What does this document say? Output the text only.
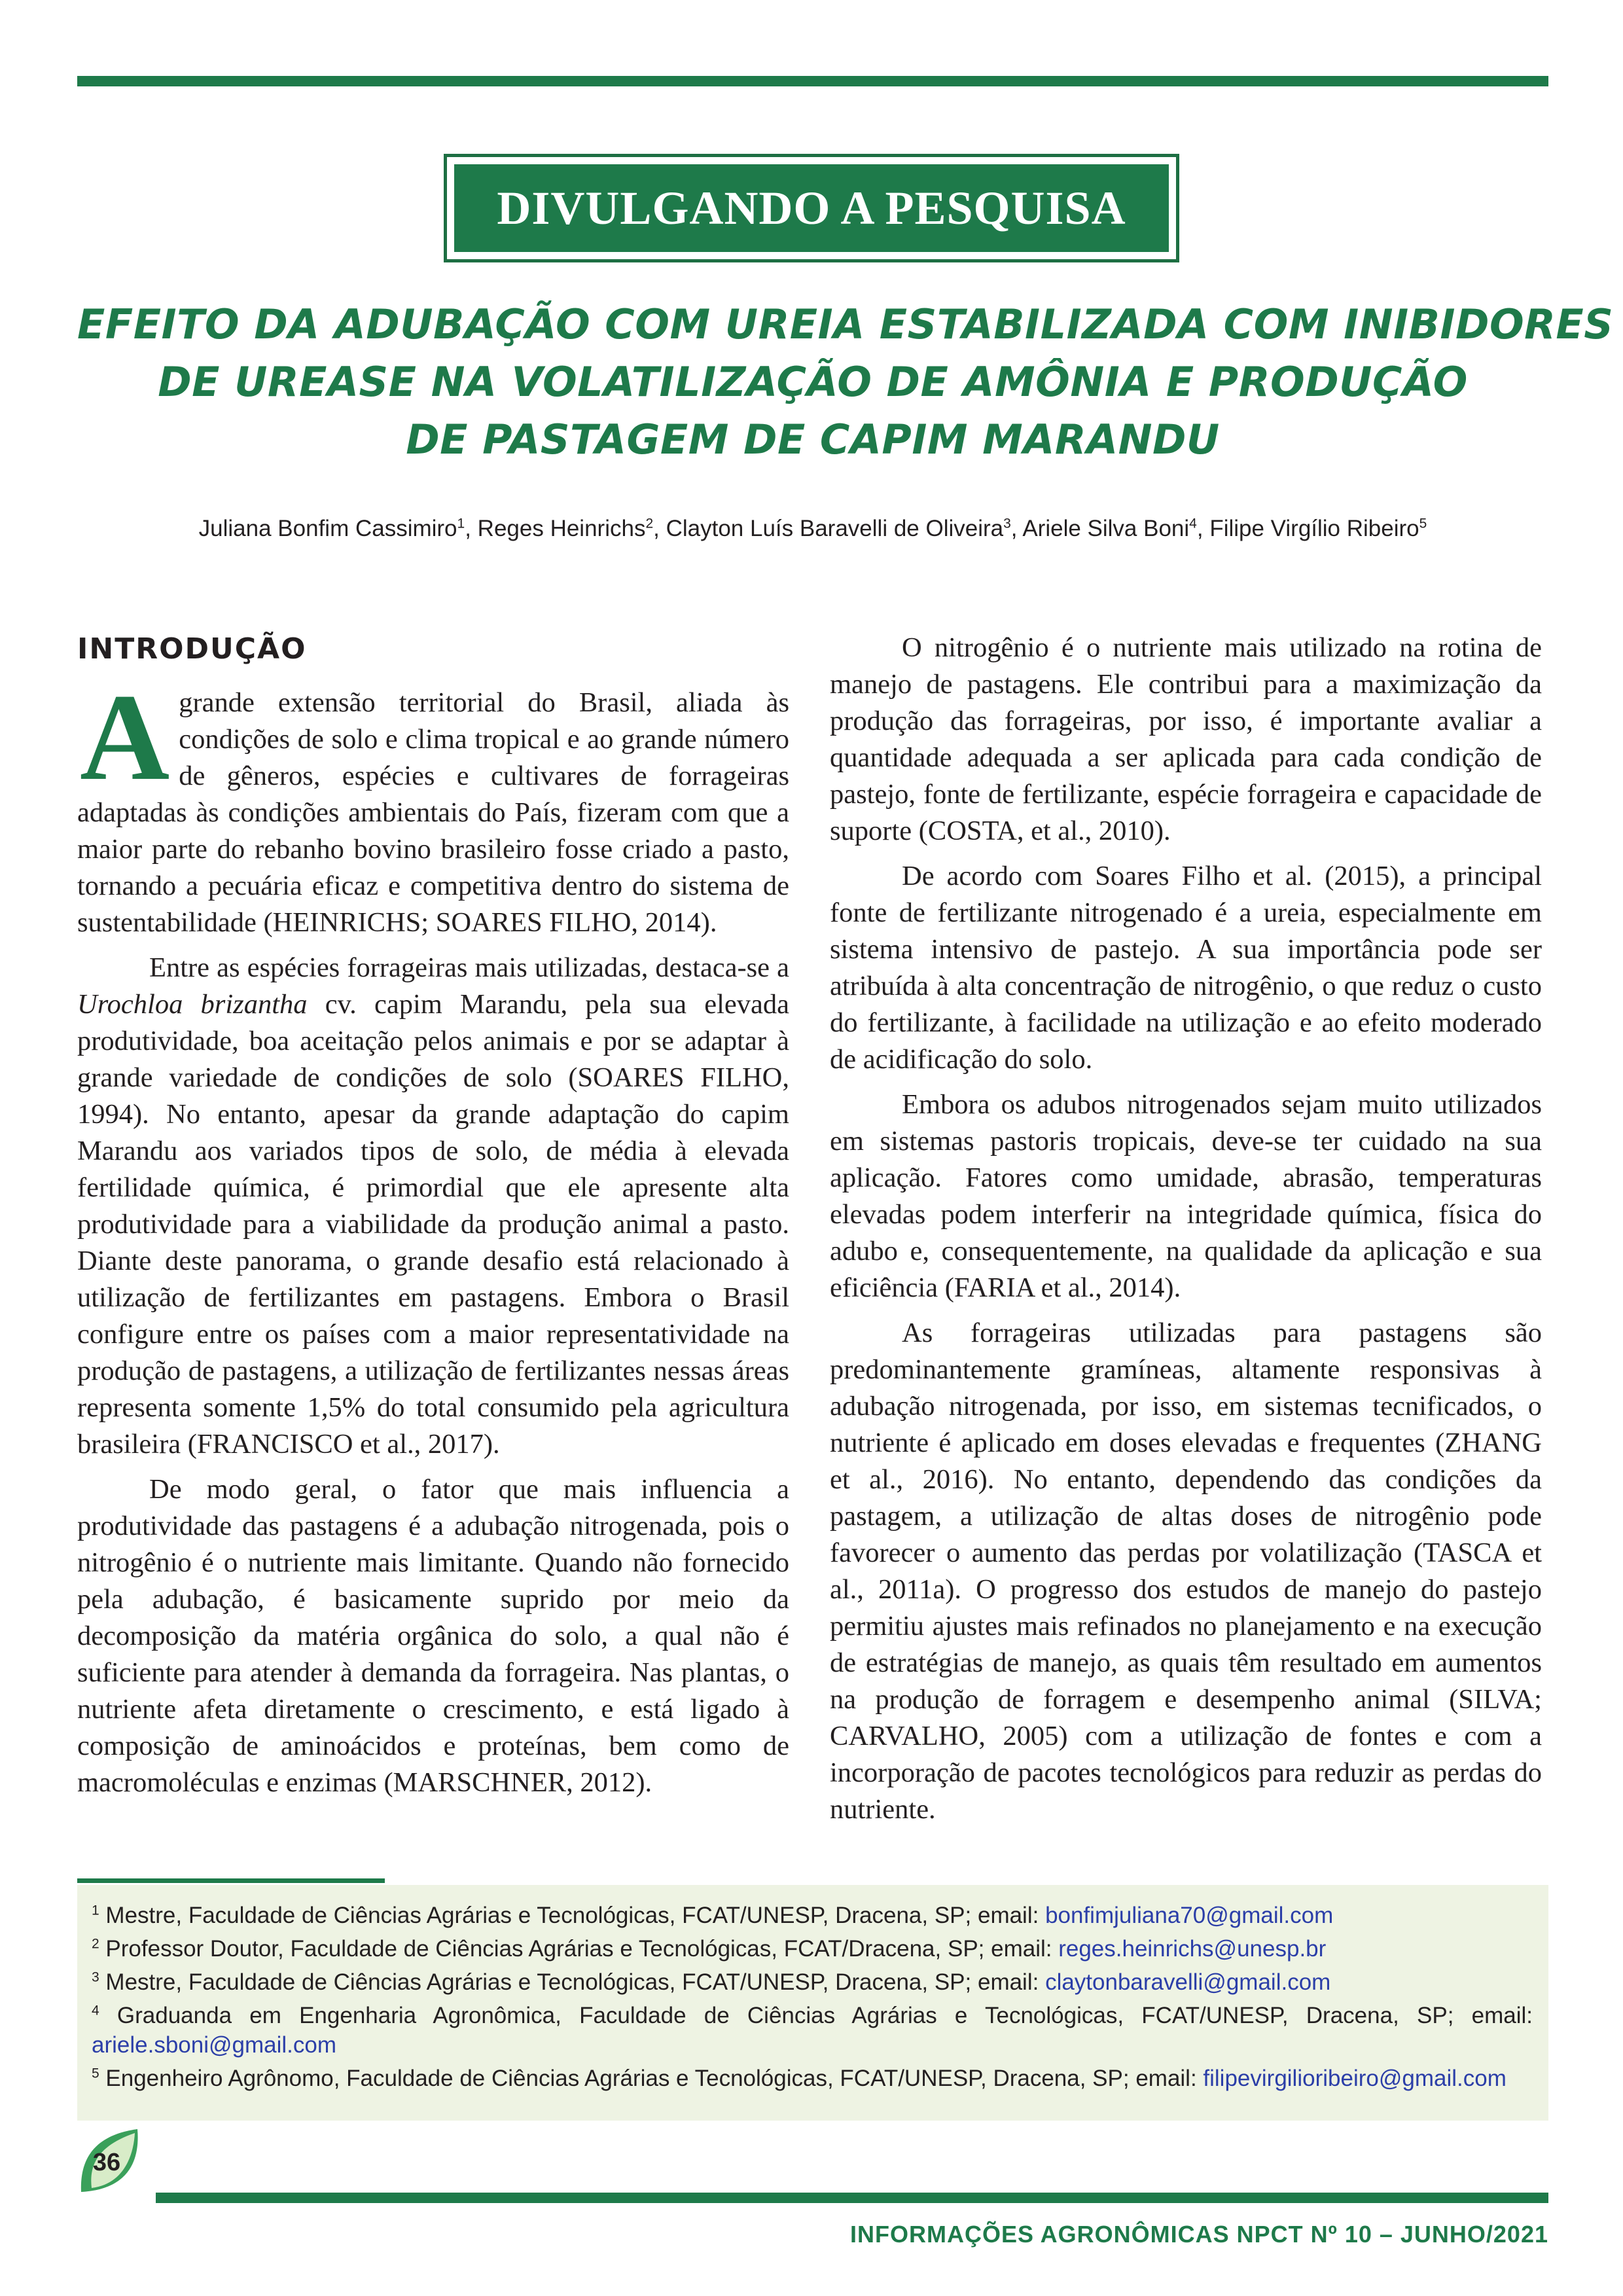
DIVULGANDO A PESQUISA
EFEITO DA ADUBAÇÃO COM UREIA ESTABILIZADA COM INIBIDORES
DE UREASE NA VOLATILIZAÇÃO DE AMÔNIA E PRODUÇÃO
DE PASTAGEM DE CAPIM MARANDU
Juliana Bonfim Cassimiro$^1$, Reges Heinrichs$^2$, Clayton Luís Baravelli de Oliveira$^3$, Ariele Silva Boni$^4$, Filipe Virgílio Ribeiro$^5$
INTRODUÇÃO

Agrande extensão territorial do Brasil, aliada às condições de solo e clima tropical e ao grande número de gêneros, espécies e cultivares de forrageiras adaptadas às condições ambientais do País, fizeram com que a maior parte do rebanho bovino brasileiro fosse criado a pasto, tornando a pecuária eficaz e competitiva dentro do sistema de sustentabilidade (HEINRICHS; SOARES FILHO, 2014).

Entre as espécies forrageiras mais utilizadas, destaca-se a Urochloa brizantha cv. capim Marandu, pela sua elevada produtividade, boa aceitação pelos animais e por se adaptar à grande variedade de condições de solo (SOARES FILHO, 1994). No entanto, apesar da grande adaptação do capim Marandu aos variados tipos de solo, de média à elevada fertilidade química, é primordial que ele apresente alta produtividade para a viabilidade da produção animal a pasto. Diante deste panorama, o grande desafio está relacionado à utilização de fertilizantes em pastagens. Embora o Brasil configure entre os países com a maior representatividade na produção de pastagens, a utilização de fertilizantes nessas áreas representa somente 1,5% do total consumido pela agricultura brasileira (FRANCISCO et al., 2017).

De modo geral, o fator que mais influencia a produtividade das pastagens é a adubação nitrogenada, pois o nitrogênio é o nutriente mais limitante. Quando não fornecido pela adubação, é basicamente suprido por meio da decomposição da matéria orgânica do solo, a qual não é suficiente para atender à demanda da forrageira. Nas plantas, o nutriente afeta diretamente o crescimento, e está ligado à composição de aminoácidos e proteínas, bem como de macromoléculas e enzimas (MARSCHNER, 2012).

O nitrogênio é o nutriente mais utilizado na rotina de manejo de pastagens. Ele contribui para a maximização da produção das forrageiras, por isso, é importante avaliar a quantidade adequada a ser aplicada para cada condição de pastejo, fonte de fertilizante, espécie forrageira e capacidade de suporte (COSTA, et al., 2010).

De acordo com Soares Filho et al. (2015), a principal fonte de fertilizante nitrogenado é a ureia, especialmente em sistema intensivo de pastejo. A sua importância pode ser atribuída à alta concentração de nitrogênio, o que reduz o custo do fertilizante, à facilidade na utilização e ao efeito moderado de acidificação do solo.

Embora os adubos nitrogenados sejam muito utilizados em sistemas pastoris tropicais, deve-se ter cuidado na sua aplicação. Fatores como umidade, abrasão, temperaturas elevadas podem interferir na integridade química, física do adubo e, consequentemente, na qualidade da aplicação e sua eficiência (FARIA et al., 2014).

As forrageiras utilizadas para pastagens são predominantemente gramíneas, altamente responsivas à adubação nitrogenada, por isso, em sistemas tecnificados, o nutriente é aplicado em doses elevadas e frequentes (ZHANG et al., 2016). No entanto, dependendo das condições da pastagem, a utilização de altas doses de nitrogênio pode favorecer o aumento das perdas por volatilização (TASCA et al., 2011a). O progresso dos estudos de manejo do pastejo permitiu ajustes mais refinados no planejamento e na execução de estratégias de manejo, as quais têm resultado em aumentos na produção de forragem e desempenho animal (SILVA; CARVALHO, 2005) com a utilização de fontes e com a incorporação de pacotes tecnológicos para reduzir as perdas do nutriente.

$^1$ Mestre, Faculdade de Ciências Agrárias e Tecnológicas, FCAT/UNESP, Dracena, SP; email: bonfimjuliana70@gmail.com

$^2$ Professor Doutor, Faculdade de Ciências Agrárias e Tecnológicas, FCAT/Dracena, SP; email: reges.heinrichs@unesp.br

$^3$ Mestre, Faculdade de Ciências Agrárias e Tecnológicas, FCAT/UNESP, Dracena, SP; email: claytonbaravelli@gmail.com

$^4$ Graduanda em Engenharia Agronômica, Faculdade de Ciências Agrárias e Tecnológicas, FCAT/UNESP, Dracena, SP; email: ariele.sboni@gmail.com

$^5$ Engenheiro Agrônomo, Faculdade de Ciências Agrárias e Tecnológicas, FCAT/UNESP, Dracena, SP; email: filipevirgilioribeiro@gmail.com

36
INFORMAÇÕES AGRONÔMICAS NPCT Nº 10 – JUNHO/2021
